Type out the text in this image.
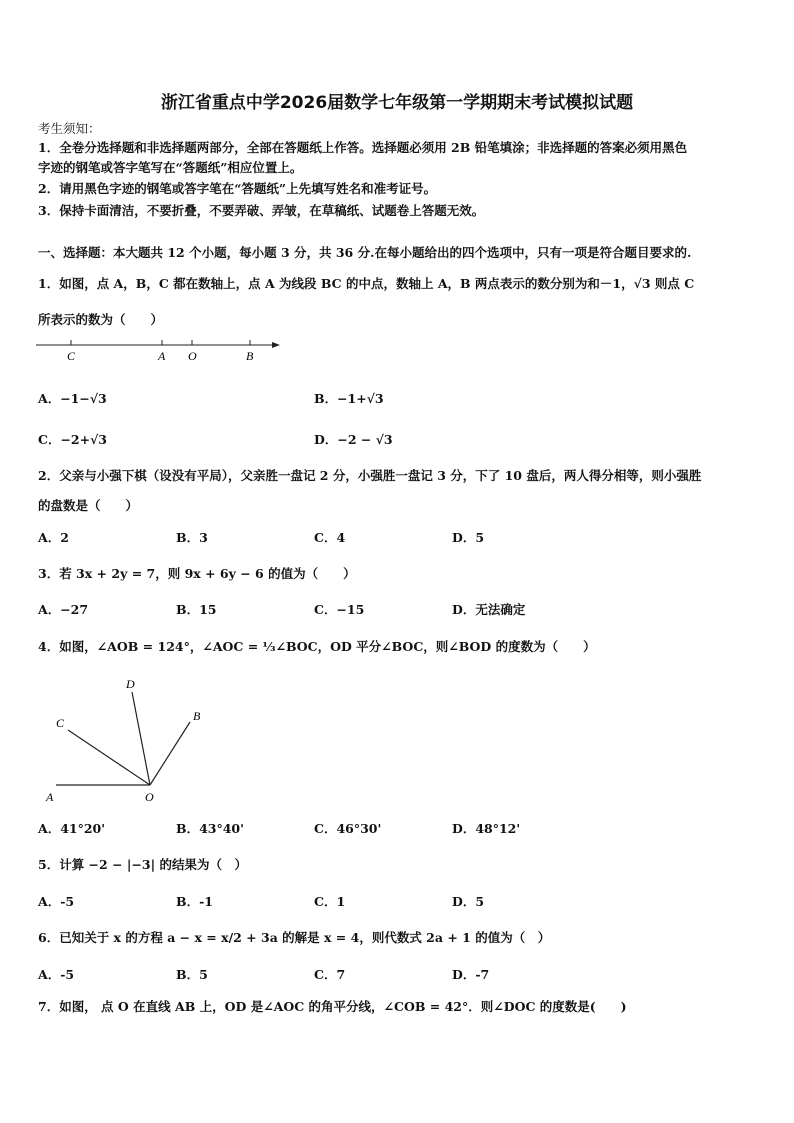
浙江省重点中学2026届数学七年级第一学期期末考试模拟试题
考生须知：
1．全卷分选择题和非选择题两部分，全部在答题纸上作答。选择题必须用 2B 铅笔填涂；非选择题的答案必须用黑色
字迹的钢笔或答字笔写在“答题纸”相应位置上。
2．请用黑色字迹的钢笔或答字笔在“答题纸”上先填写姓名和准考证号。
3．保持卡面清洁，不要折叠，不要弄破、弄皱，在草稿纸、试题卷上答题无效。
一、选择题：本大题共 12 个小题，每小题 3 分，共 36 分.在每小题给出的四个选项中，只有一项是符合题目要求的.
1．如图，点 A，B，C 都在数轴上，点 A 为线段 BC 的中点，数轴上 A，B 两点表示的数分别为和－1，√3 则点 C
所表示的数为（　　）
C	A O	B
A．−1−√3	B．−1+√3
C．−2+√3	D．−2 − √3
2．父亲与小强下棋（设没有平局），父亲胜一盘记 2 分，小强胜一盘记 3 分，下了 10 盘后，两人得分相等，则小强胜
的盘数是（　　）
A．2	B．3	C．4	D．5
3．若 3x + 2y = 7，则 9x + 6y − 6 的值为（　　）
A．−27	B．15	C．−15	D．无法确定
4．如图，∠AOB = 124°，∠AOC = ⅓∠BOC，OD 平分∠BOC，则∠BOD 的度数为（　　）
D
C	B
A	O
A．41°20'	B．43°40'	C．46°30'	D．48°12'
5．计算 −2 − |−3| 的结果为（　）
A．-5	B．-1	C．1	D．5
6．已知关于 x 的方程 a − x = x/2 + 3a 的解是 x = 4，则代数式 2a + 1 的值为（　）
A．-5	B．5	C．7	D．-7
7．如图， 点 O 在直线 AB 上，OD 是∠AOC 的角平分线，∠COB = 42°．则∠DOC 的度数是(　　)
